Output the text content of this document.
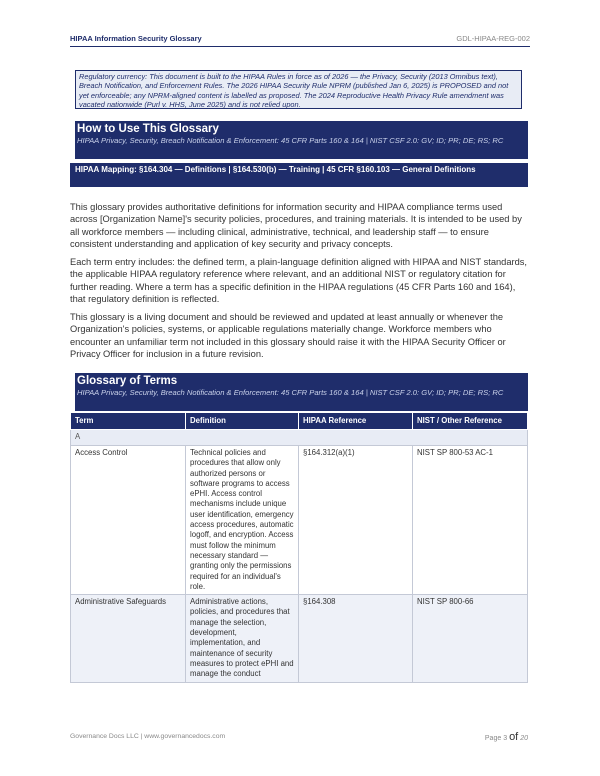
HIPAA Information Security Glossary	GDL-HIPAA-REG-002
Regulatory currency: This document is built to the HIPAA Rules in force as of 2026 — the Privacy, Security (2013 Omnibus text), Breach Notification, and Enforcement Rules. The 2026 HIPAA Security Rule NPRM (published Jan 6, 2025) is PROPOSED and not yet enforceable; any NPRM-aligned content is labelled as proposed. The 2024 Reproductive Health Privacy Rule amendment was vacated nationwide (Purl v. HHS, June 2025) and is not relied upon.
How to Use This Glossary
HIPAA Privacy, Security, Breach Notification & Enforcement: 45 CFR Parts 160 & 164 | NIST CSF 2.0: GV; ID; PR; DE; RS; RC
HIPAA Mapping: §164.304 — Definitions | §164.530(b) — Training | 45 CFR §160.103 — General Definitions

This glossary provides authoritative definitions for information security and HIPAA compliance terms used across [Organization Name]'s security policies, procedures, and training materials. It is intended to be used by all workforce members — including clinical, administrative, technical, and leadership staff — to ensure consistent understanding and application of key security and privacy concepts.

Each term entry includes: the defined term, a plain-language definition aligned with HIPAA and NIST standards, the applicable HIPAA regulatory reference where relevant, and an additional NIST or regulatory citation for further reading. Where a term has a specific definition in the HIPAA regulations (45 CFR Parts 160 and 164), that regulatory definition is reflected.

This glossary is a living document and should be reviewed and updated at least annually or whenever the Organization's policies, systems, or applicable regulations materially change. Workforce members who encounter an unfamiliar term not included in this glossary should raise it with the HIPAA Security Officer or Privacy Officer for inclusion in a future revision.

Glossary of Terms
HIPAA Privacy, Security, Breach Notification & Enforcement: 45 CFR Parts 160 & 164 | NIST CSF 2.0: GV; ID; PR; DE; RS; RC
Term	Definition	HIPAA Reference	NIST / Other Reference
A			
Access Control	Technical policies and procedures that allow only authorized persons or software programs to access ePHI. Access control mechanisms include unique user identification, emergency access procedures, automatic logoff, and encryption. Access must follow the minimum necessary standard — granting only the permissions required for an individual's role.	§164.312(a)(1)	NIST SP 800-53 AC-1
Administrative Safeguards	Administrative actions, policies, and procedures that manage the selection, development, implementation, and maintenance of security measures to protect ePHI and manage the conduct	§164.308	NIST SP 800-66
Governance Docs LLC | www.governancedocs.com	Page 3 of 20
